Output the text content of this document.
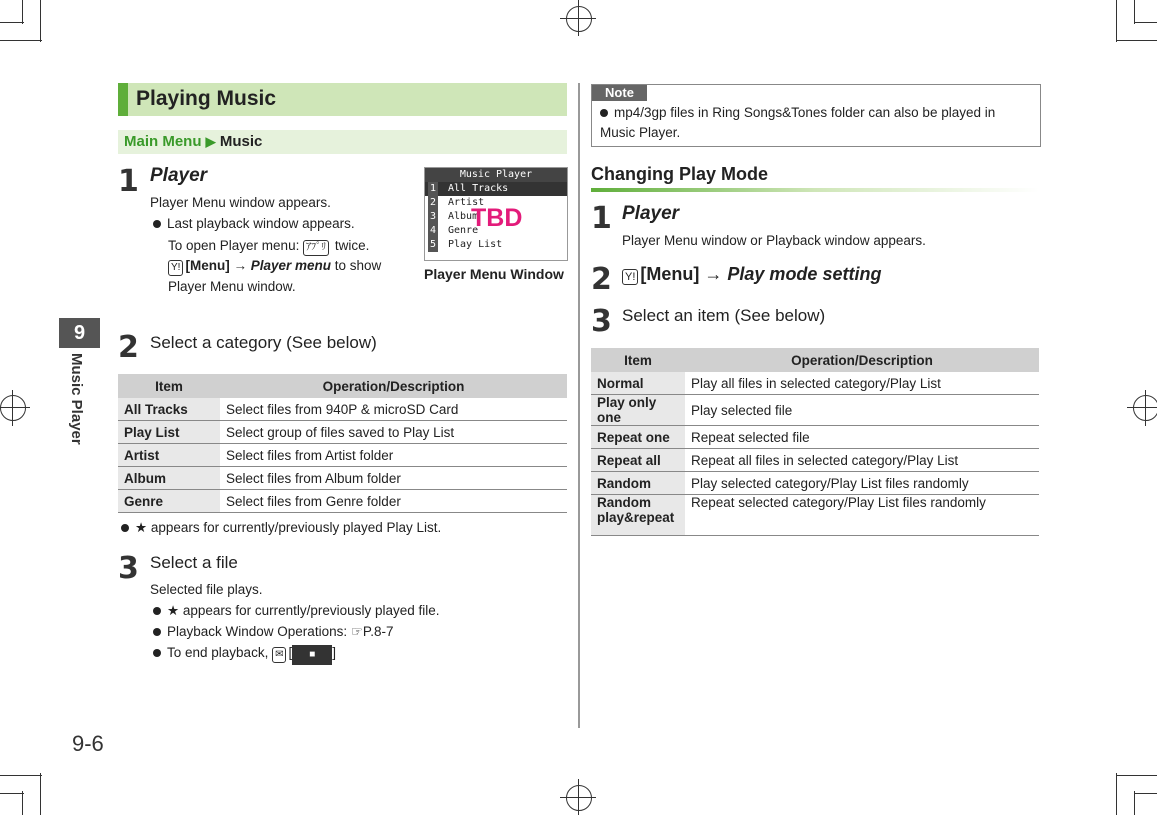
9
Music Player
9-6
Playing Music
Main Menu ▶ Music
1 Player
Player Menu window appears.
Last playback window appears.
To open Player menu: ｱﾌﾟﾘ twice.
Y! [Menu] → Player menu to show
Player Menu window.
Music Player
1 All Tracks
2 Artist
3 Album
4 Genre
5 Play List
TBD
Player Menu Window
2 Select a category (See below)
Item	Operation/Description
All Tracks	Select files from 940P & microSD Card
Play List	Select group of files saved to Play List
Artist	Select files from Artist folder
Album	Select files from Album folder
Genre	Select files from Genre folder
★ appears for currently/previously played Play List.
3 Select a file
Selected file plays.
★ appears for currently/previously played file.
Playback Window Operations: ☞P.8-7
To end playback, ✉ [ ■ ]
Note
mp4/3gp files in Ring Songs&Tones folder can also be played in Music Player.
Changing Play Mode
1 Player
Player Menu window or Playback window appears.
2 Y! [Menu] → Play mode setting
3 Select an item (See below)
Item	Operation/Description
Normal	Play all files in selected category/Play List
Play only one	Play selected file
Repeat one	Repeat selected file
Repeat all	Repeat all files in selected category/Play List
Random	Play selected category/Play List files randomly
Random play&repeat	Repeat selected category/Play List files randomly
